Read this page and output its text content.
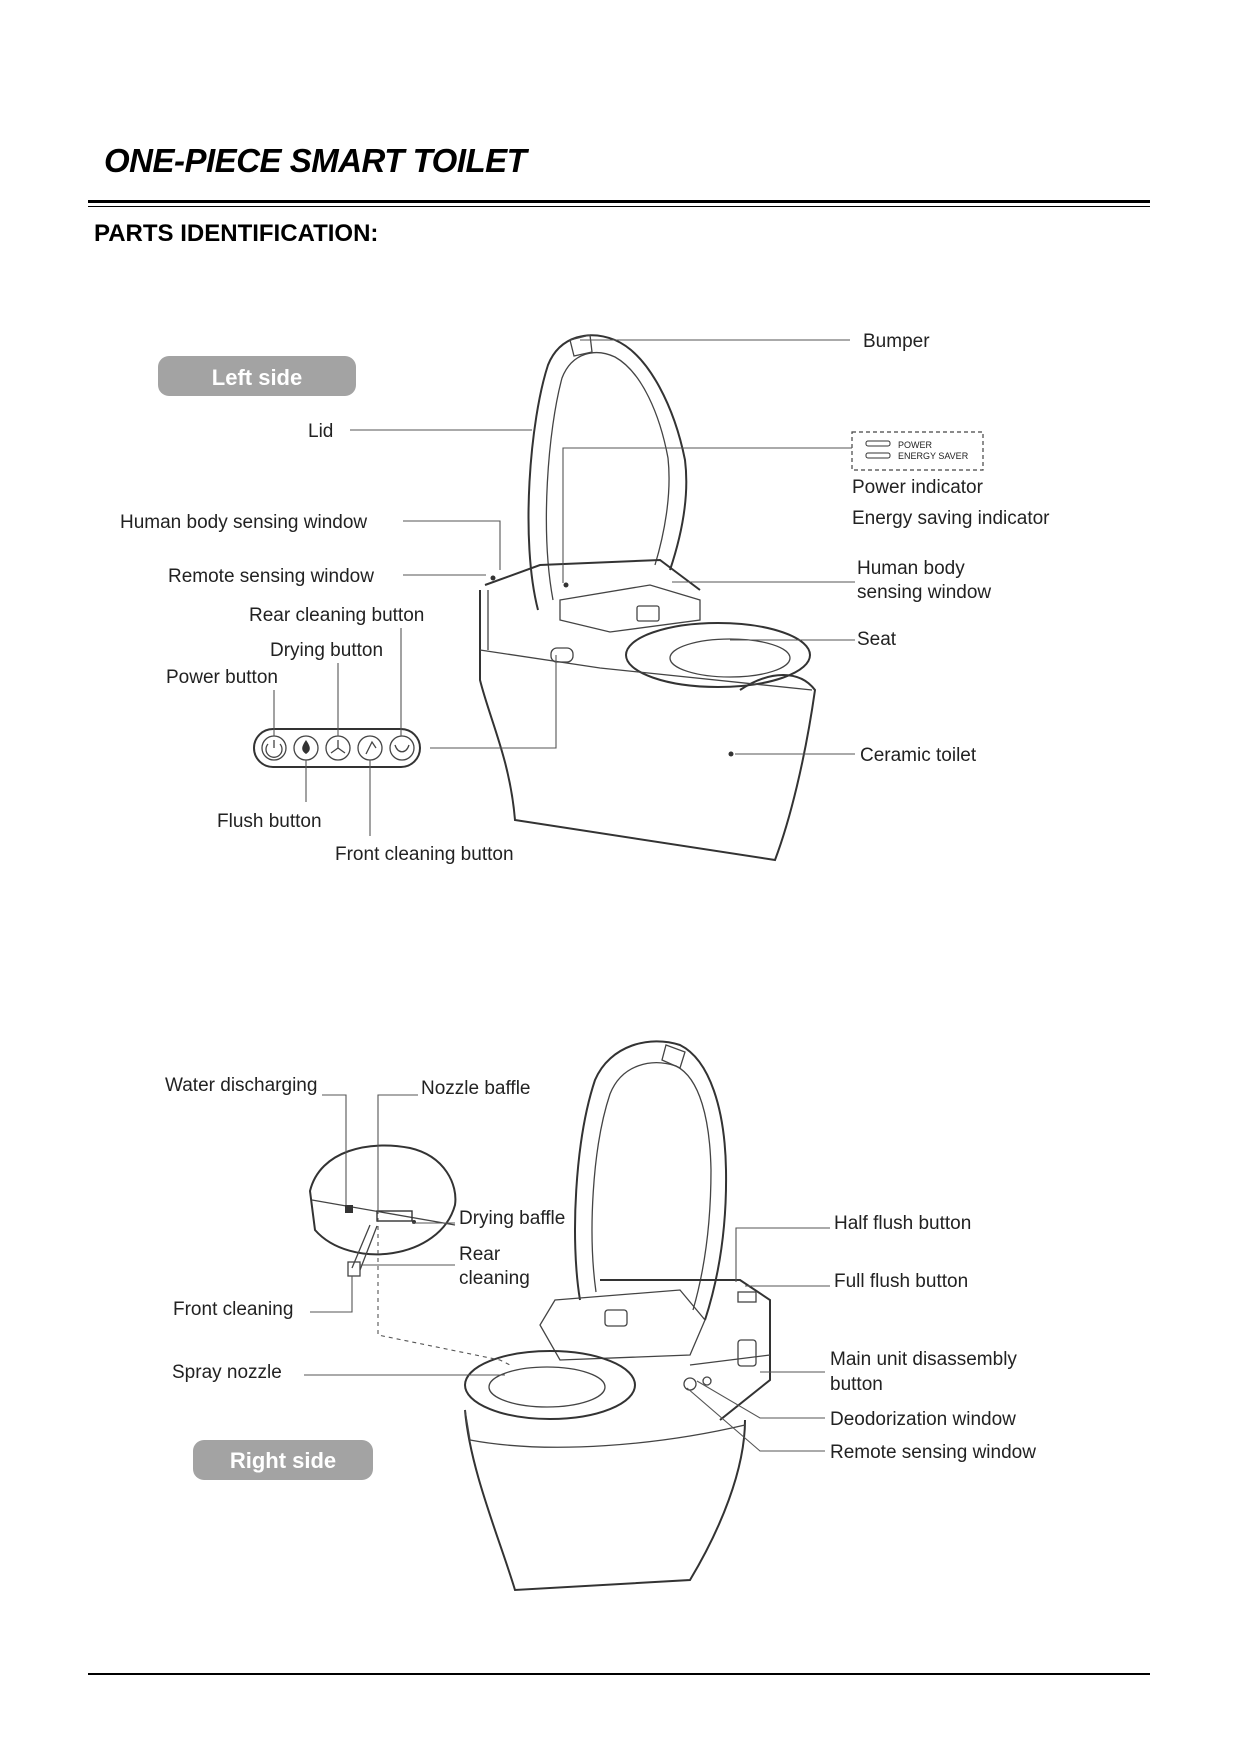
ONE-PIECE SMART TOILET
PARTS IDENTIFICATION:
Left side
POWER
ENERGY SAVER
Bumper
Lid
Power indicator
Energy saving indicator
Human body sensing window
Human body
sensing window
Remote sensing window
Rear cleaning button
Seat
Drying button
Power button
Ceramic toilet
Flush button
Front cleaning button
Right side
Water discharging	Nozzle baffle
Drying baffle	Half flush button
Rear
cleaning	Full flush button
Front cleaning
Main unit disassembly
button
Spray nozzle
Deodorization window
Remote sensing window
